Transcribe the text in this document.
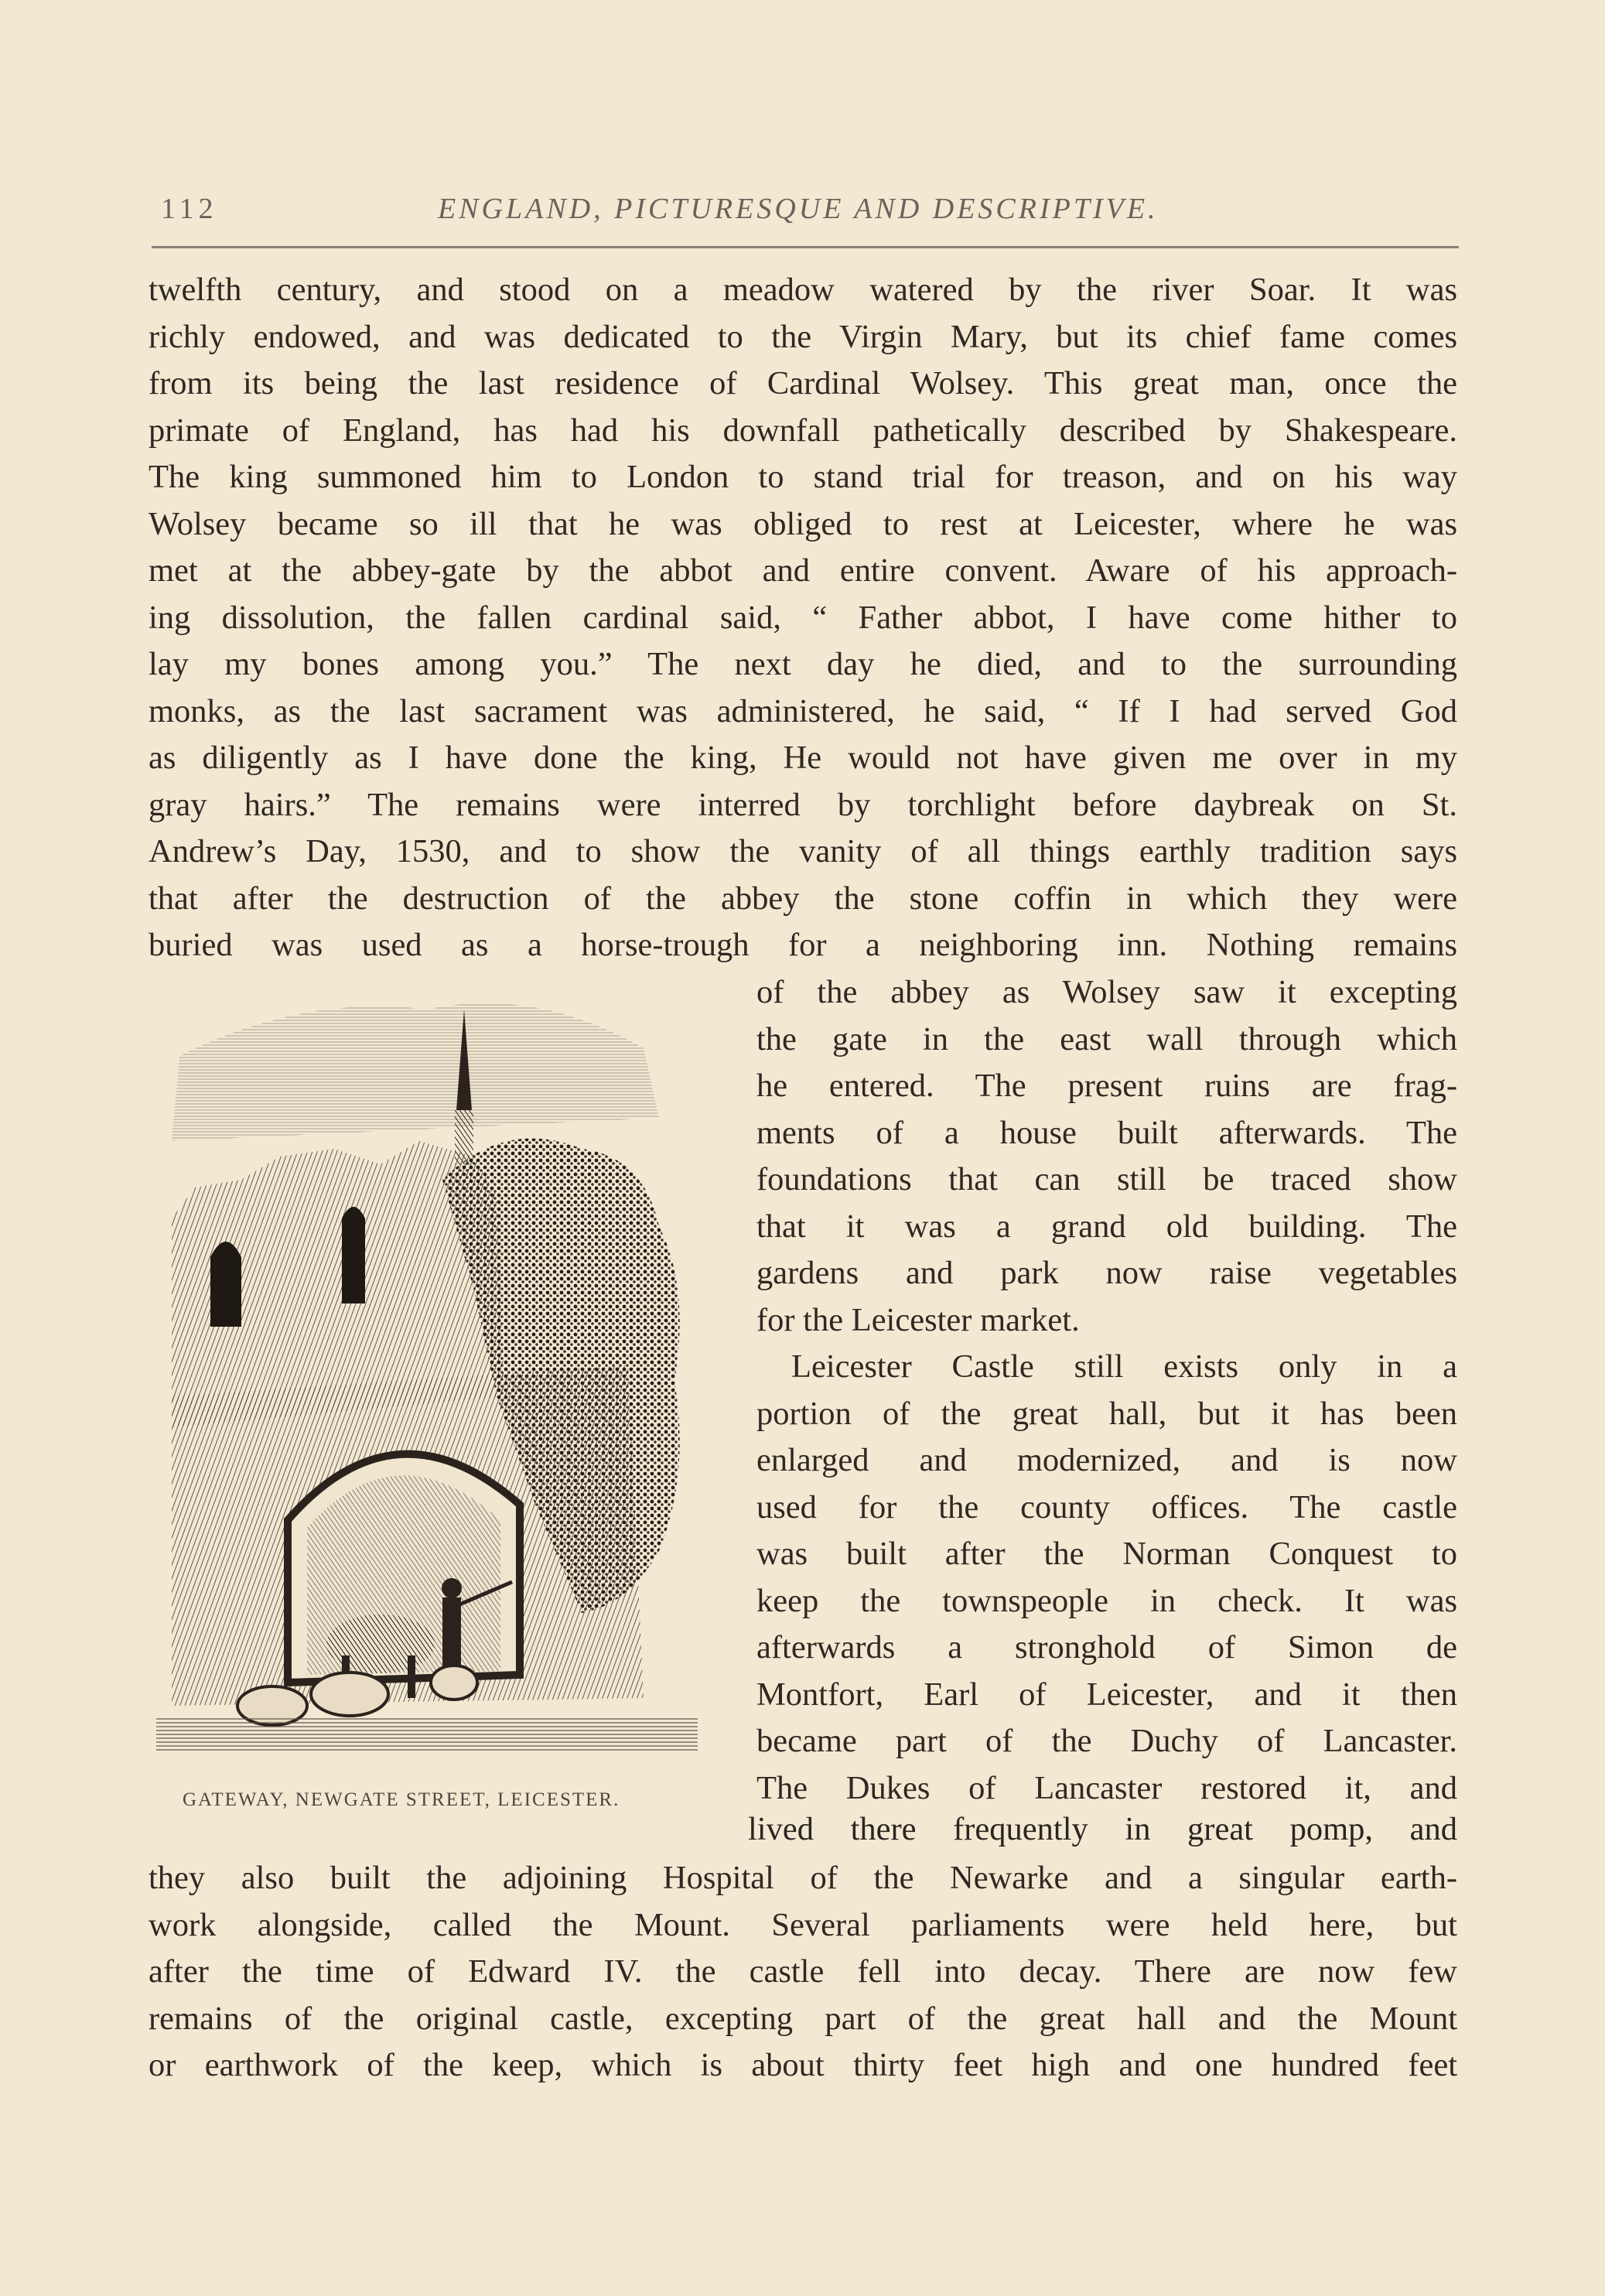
112	ENGLAND, PICTURESQUE AND DESCRIPTIVE.
twelfth century, and stood on a meadow watered by the river Soar. It was
richly endowed, and was dedicated to the Virgin Mary, but its chief fame comes
from its being the last residence of Cardinal Wolsey. This great man, once the
primate of England, has had his downfall pathetically described by Shakespeare.
The king summoned him to London to stand trial for treason, and on his way
Wolsey became so ill that he was obliged to rest at Leicester, where he was
met at the abbey-gate by the abbot and entire convent. Aware of his approach-
ing dissolution, the fallen cardinal said, “ Father abbot, I have come hither to
lay my bones among you.” The next day he died, and to the surrounding
monks, as the last sacrament was administered, he said, “ If I had served God
as diligently as I have done the king, He would not have given me over in my
gray hairs.” The remains were interred by torchlight before daybreak on St.
Andrew’s Day, 1530, and to show the vanity of all things earthly tradition says
that after the destruction of the abbey the stone coffin in which they were
buried was used as a horse-trough for a neighboring inn. Nothing remains
of the abbey as Wolsey saw it excepting
the gate in the east wall through which
he entered. The present ruins are frag-
ments of a house built afterwards. The
foundations that can still be traced show
that it was a grand old building. The
gardens and park now raise vegetables
for the Leicester market.
Leicester Castle still exists only in a
portion of the great hall, but it has been
enlarged and modernized, and is now
used for the county offices. The castle
was built after the Norman Conquest to
keep the townspeople in check. It was
afterwards a stronghold of Simon de
Montfort, Earl of Leicester, and it then
became part of the Duchy of Lancaster.
The Dukes of Lancaster restored it, and
GATEWAY, NEWGATE STREET, LEICESTER.
lived there frequently in great pomp, and
they also built the adjoining Hospital of the Newarke and a singular earth-
work alongside, called the Mount. Several parliaments were held here, but
after the time of Edward IV. the castle fell into decay. There are now few
remains of the original castle, excepting part of the great hall and the Mount
or earthwork of the keep, which is about thirty feet high and one hundred feet
